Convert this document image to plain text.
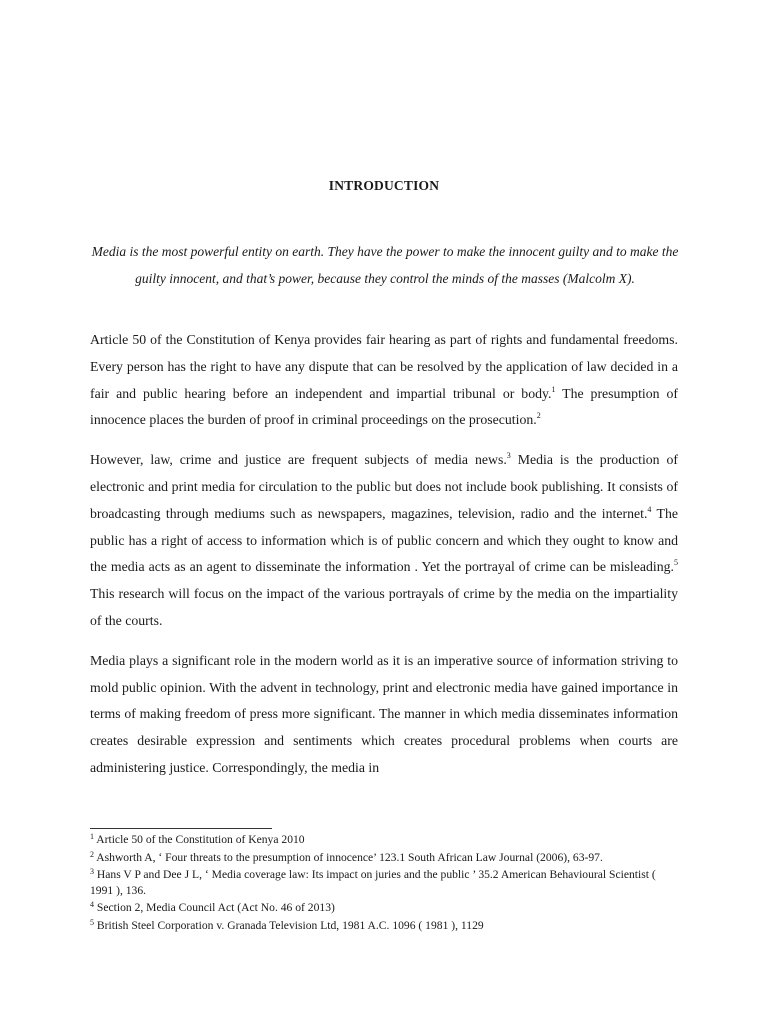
INTRODUCTION
Media is the most powerful entity on earth. They have the power to make the innocent guilty and to make the guilty innocent, and that’s power, because they control the minds of the masses (Malcolm X).

Article 50 of the Constitution of Kenya provides fair hearing as part of rights and fundamental freedoms. Every person has the right to have any dispute that can be resolved by the application of law decided in a fair and public hearing before an independent and impartial tribunal or body.$^1$ The presumption of innocence places the burden of proof in criminal proceedings on the prosecution.$^2$

However, law, crime and justice are frequent subjects of media news.$^3$ Media is the production of electronic and print media for circulation to the public but does not include book publishing. It consists of broadcasting through mediums such as newspapers, magazines, television, radio and the internet.$^4$ The public has a right of access to information which is of public concern and which they ought to know and the media acts as an agent to disseminate the information . Yet the portrayal of crime can be misleading.$^5$ This research will focus on the impact of the various portrayals of crime by the media on the impartiality of the courts.

Media plays a significant role in the modern world as it is an imperative source of information striving to mold public opinion. With the advent in technology, print and electronic media have gained importance in terms of making freedom of press more significant. The manner in which media disseminates information creates desirable expression and sentiments which creates procedural problems when courts are administering justice. Correspondingly, the media in

$^1$ Article 50 of the Constitution of Kenya 2010
$^2$ Ashworth A, ‘ Four threats to the presumption of innocence’ 123.1 South African Law Journal (2006), 63-97.
$^3$ Hans V P and Dee J L, ‘ Media coverage law: Its impact on juries and the public ’ 35.2 American Behavioural Scientist ( 1991 ), 136.
$^4$ Section 2, Media Council Act (Act No. 46 of 2013)
$^5$ British Steel Corporation v. Granada Television Ltd, 1981 A.C. 1096 ( 1981 ), 1129
